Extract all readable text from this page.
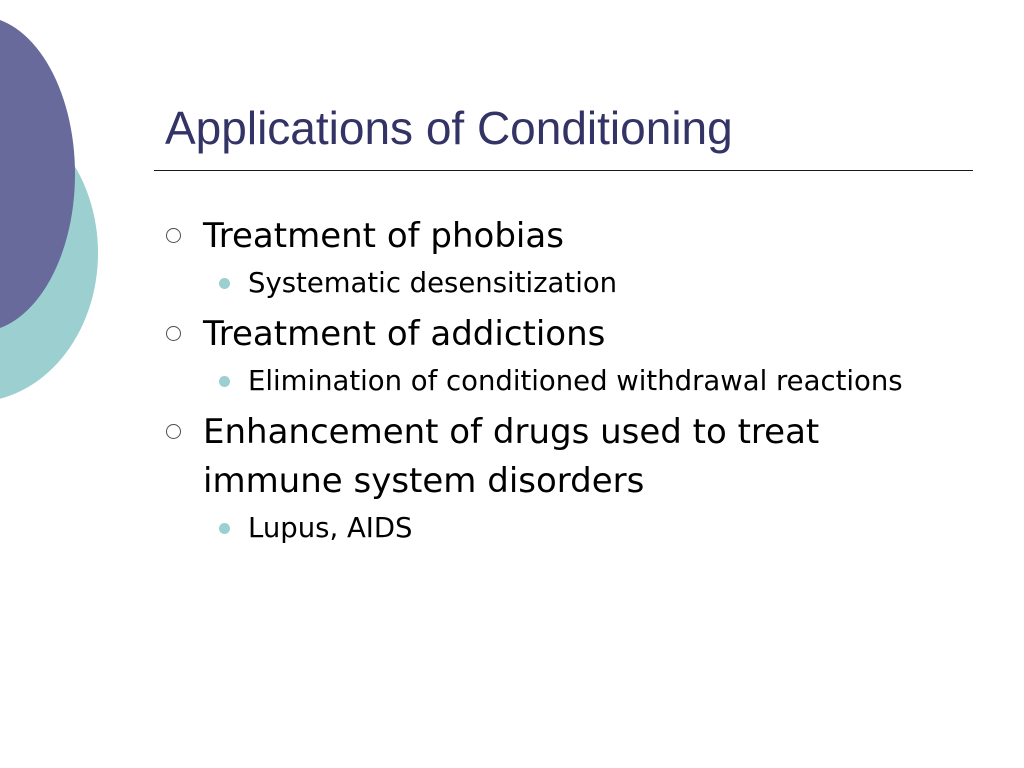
Applications of Conditioning
Treatment of phobias
Systematic desensitization
Treatment of addictions
Elimination of conditioned withdrawal reactions
Enhancement of drugs used to treat immune system disorders
Lupus, AIDS
